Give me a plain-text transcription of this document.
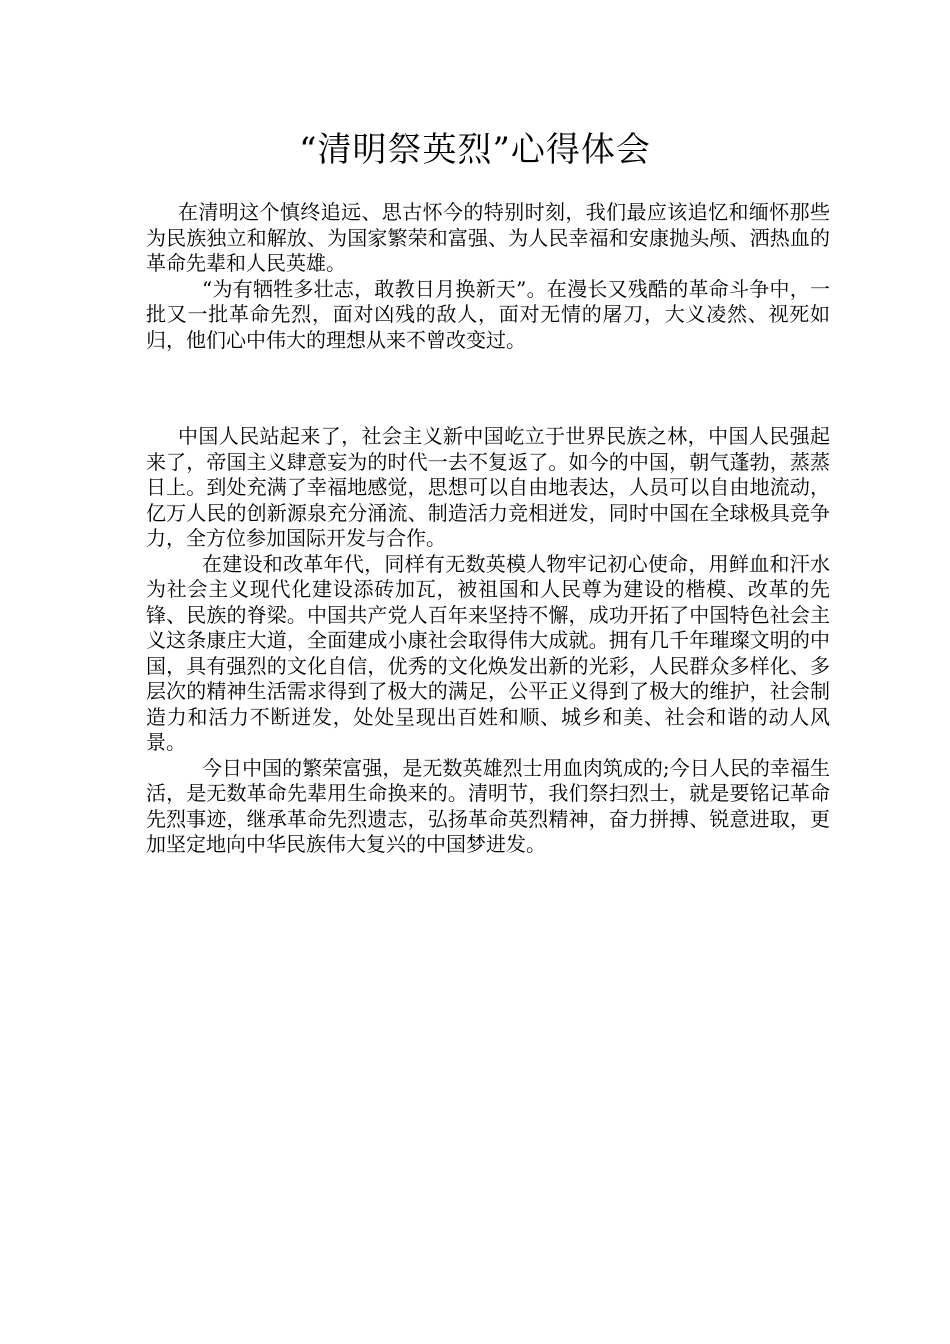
“清明祭英烈”心得体会

在清明这个慎终追远、思古怀今的特别时刻，我们最应该追忆和缅怀那些为民族独立和解放、为国家繁荣和富强、为人民幸福和安康抛头颅、洒热血的革命先辈和人民英雄。

“为有牺牲多壮志，敢教日月换新天”。在漫长又残酷的革命斗争中，一批又一批革命先烈，面对凶残的敌人，面对无情的屠刀，大义凌然、视死如归，他们心中伟大的理想从来不曾改变过。

中国人民站起来了，社会主义新中国屹立于世界民族之林，中国人民强起来了，帝国主义肆意妄为的时代一去不复返了。如今的中国，朝气蓬勃，蒸蒸日上。到处充满了幸福地感觉，思想可以自由地表达，人员可以自由地流动，亿万人民的创新源泉充分涌流、制造活力竞相迸发，同时中国在全球极具竞争力，全方位参加国际开发与合作。

在建设和改革年代，同样有无数英模人物牢记初心使命，用鲜血和汗水为社会主义现代化建设添砖加瓦，被祖国和人民尊为建设的楷模、改革的先锋、民族的脊梁。中国共产党人百年来坚持不懈，成功开拓了中国特色社会主义这条康庄大道，全面建成小康社会取得伟大成就。拥有几千年璀璨文明的中国，具有强烈的文化自信，优秀的文化焕发出新的光彩，人民群众多样化、多层次的精神生活需求得到了极大的满足，公平正义得到了极大的维护，社会制造力和活力不断迸发，处处呈现出百姓和顺、城乡和美、社会和谐的动人风景。

今日中国的繁荣富强，是无数英雄烈士用血肉筑成的;今日人民的幸福生活，是无数革命先辈用生命换来的。清明节，我们祭扫烈士，就是要铭记革命先烈事迹，继承革命先烈遗志，弘扬革命英烈精神，奋力拼搏、锐意进取，更加坚定地向中华民族伟大复兴的中国梦进发。
